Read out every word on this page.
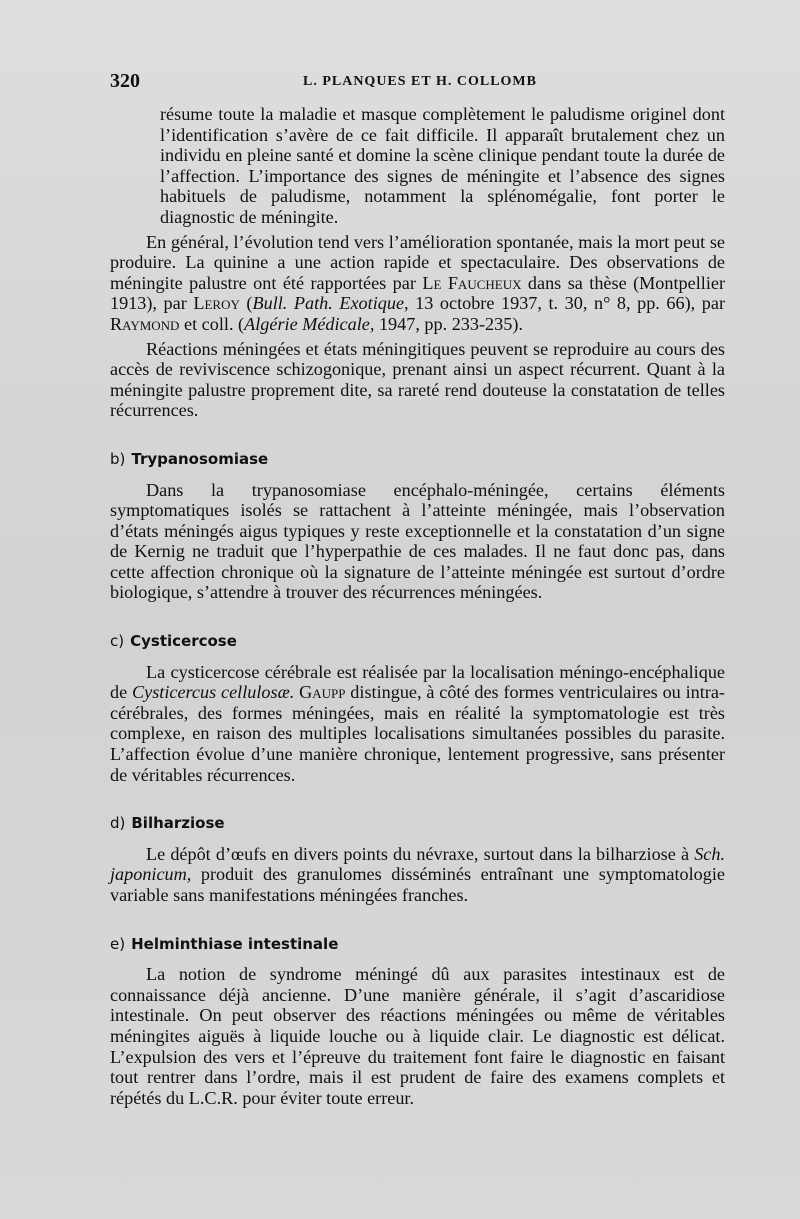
320	L. PLANQUES ET H. COLLOMB

résume toute la maladie et masque complètement le paludisme originel dont l’identification s’avère de ce fait difficile. Il apparaît brutalement chez un individu en pleine santé et domine la scène clinique pendant toute la durée de l’affection. L’importance des signes de méningite et l’absence des signes habituels de paludisme, notamment la splénomégalie, font porter le diagnostic de méningite.

En général, l’évolution tend vers l’amélioration spontanée, mais la mort peut se produire. La quinine a une action rapide et spectaculaire. Des observations de méningite palustre ont été rapportées par Le Faucheux dans sa thèse (Montpellier 1913), par Leroy (Bull. Path. Exotique, 13 octobre 1937, t. 30, n° 8, pp. 66), par Raymond et coll. (Algérie Médicale, 1947, pp. 233-235).

Réactions méningées et états méningitiques peuvent se reproduire au cours des accès de reviviscence schizogonique, prenant ainsi un aspect récurrent. Quant à la méningite palustre proprement dite, sa rareté rend douteuse la constatation de telles récurrences.

b) Trypanosomiase

Dans la trypanosomiase encéphalo-méningée, certains éléments symptomatiques isolés se rattachent à l’atteinte méningée, mais l’observation d’états méningés aigus typiques y reste exceptionnelle et la constatation d’un signe de Kernig ne traduit que l’hyperpathie de ces malades. Il ne faut donc pas, dans cette affection chronique où la signature de l’atteinte méningée est surtout d’ordre biologique, s’attendre à trouver des récurrences méningées.

c) Cysticercose

La cysticercose cérébrale est réalisée par la localisation méningo-encéphalique de Cysticercus cellulosæ. Gaupp distingue, à côté des formes ventriculaires ou intra-cérébrales, des formes méningées, mais en réalité la symptomatologie est très complexe, en raison des multiples localisations simultanées possibles du parasite. L’affection évolue d’une manière chronique, lentement progressive, sans présenter de véritables récurrences.

d) Bilharziose

Le dépôt d’œufs en divers points du névraxe, surtout dans la bilharziose à Sch. japonicum, produit des granulomes disséminés entraînant une symptomatologie variable sans manifestations méningées franches.

e) Helminthiase intestinale

La notion de syndrome méningé dû aux parasites intestinaux est de connaissance déjà ancienne. D’une manière générale, il s’agit d’ascaridiose intestinale. On peut observer des réactions méningées ou même de véritables méningites aiguës à liquide louche ou à liquide clair. Le diagnostic est délicat. L’expulsion des vers et l’épreuve du traitement font faire le diagnostic en faisant tout rentrer dans l’ordre, mais il est prudent de faire des examens complets et répétés du L.C.R. pour éviter toute erreur.
